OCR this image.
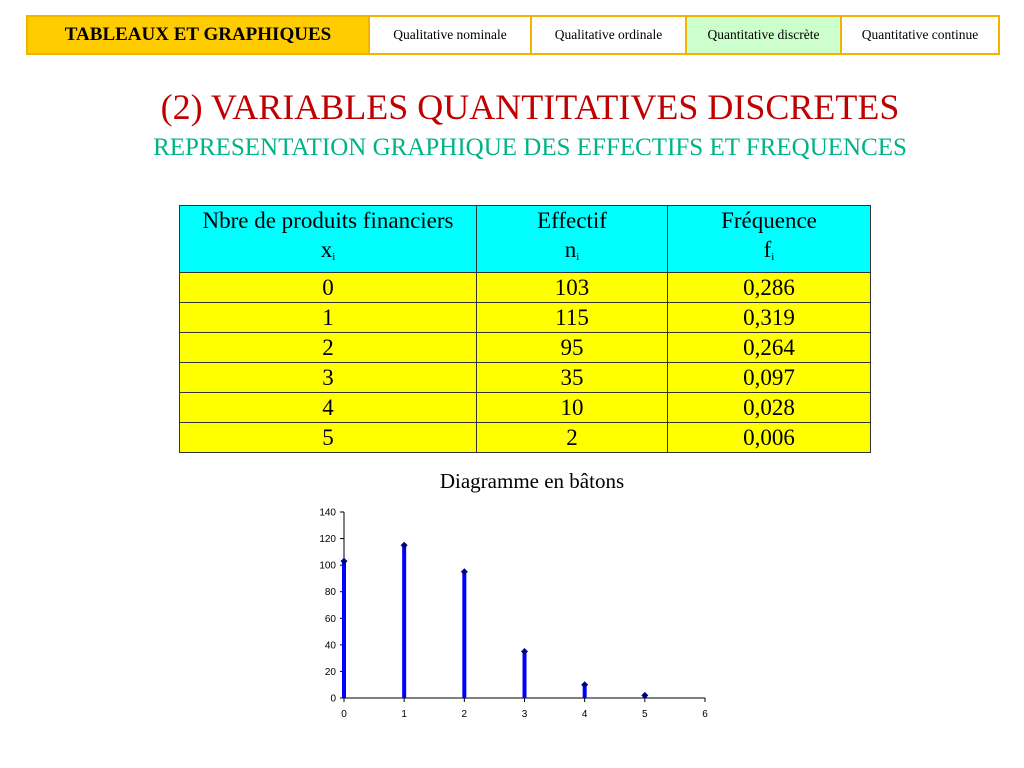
TABLEAUX ET GRAPHIQUES	Qualitative nominale	Qualitative ordinale	Quantitative discrète	Quantitative continue
(2) VARIABLES QUANTITATIVES DISCRETES
REPRESENTATION GRAPHIQUE DES EFFECTIFS ET FREQUENCES
Nbre de produits financiers	Effectif	Fréquence
$x_i$	$n_i$	$f_i$
0	103	0,286
1	115	0,319
2	95	0,264
3	35	0,097
4	10	0,028
5	2	0,006
Diagramme en bâtons
0
20
40
60
80
100
120
140
0	1	2	3	4	5	6
